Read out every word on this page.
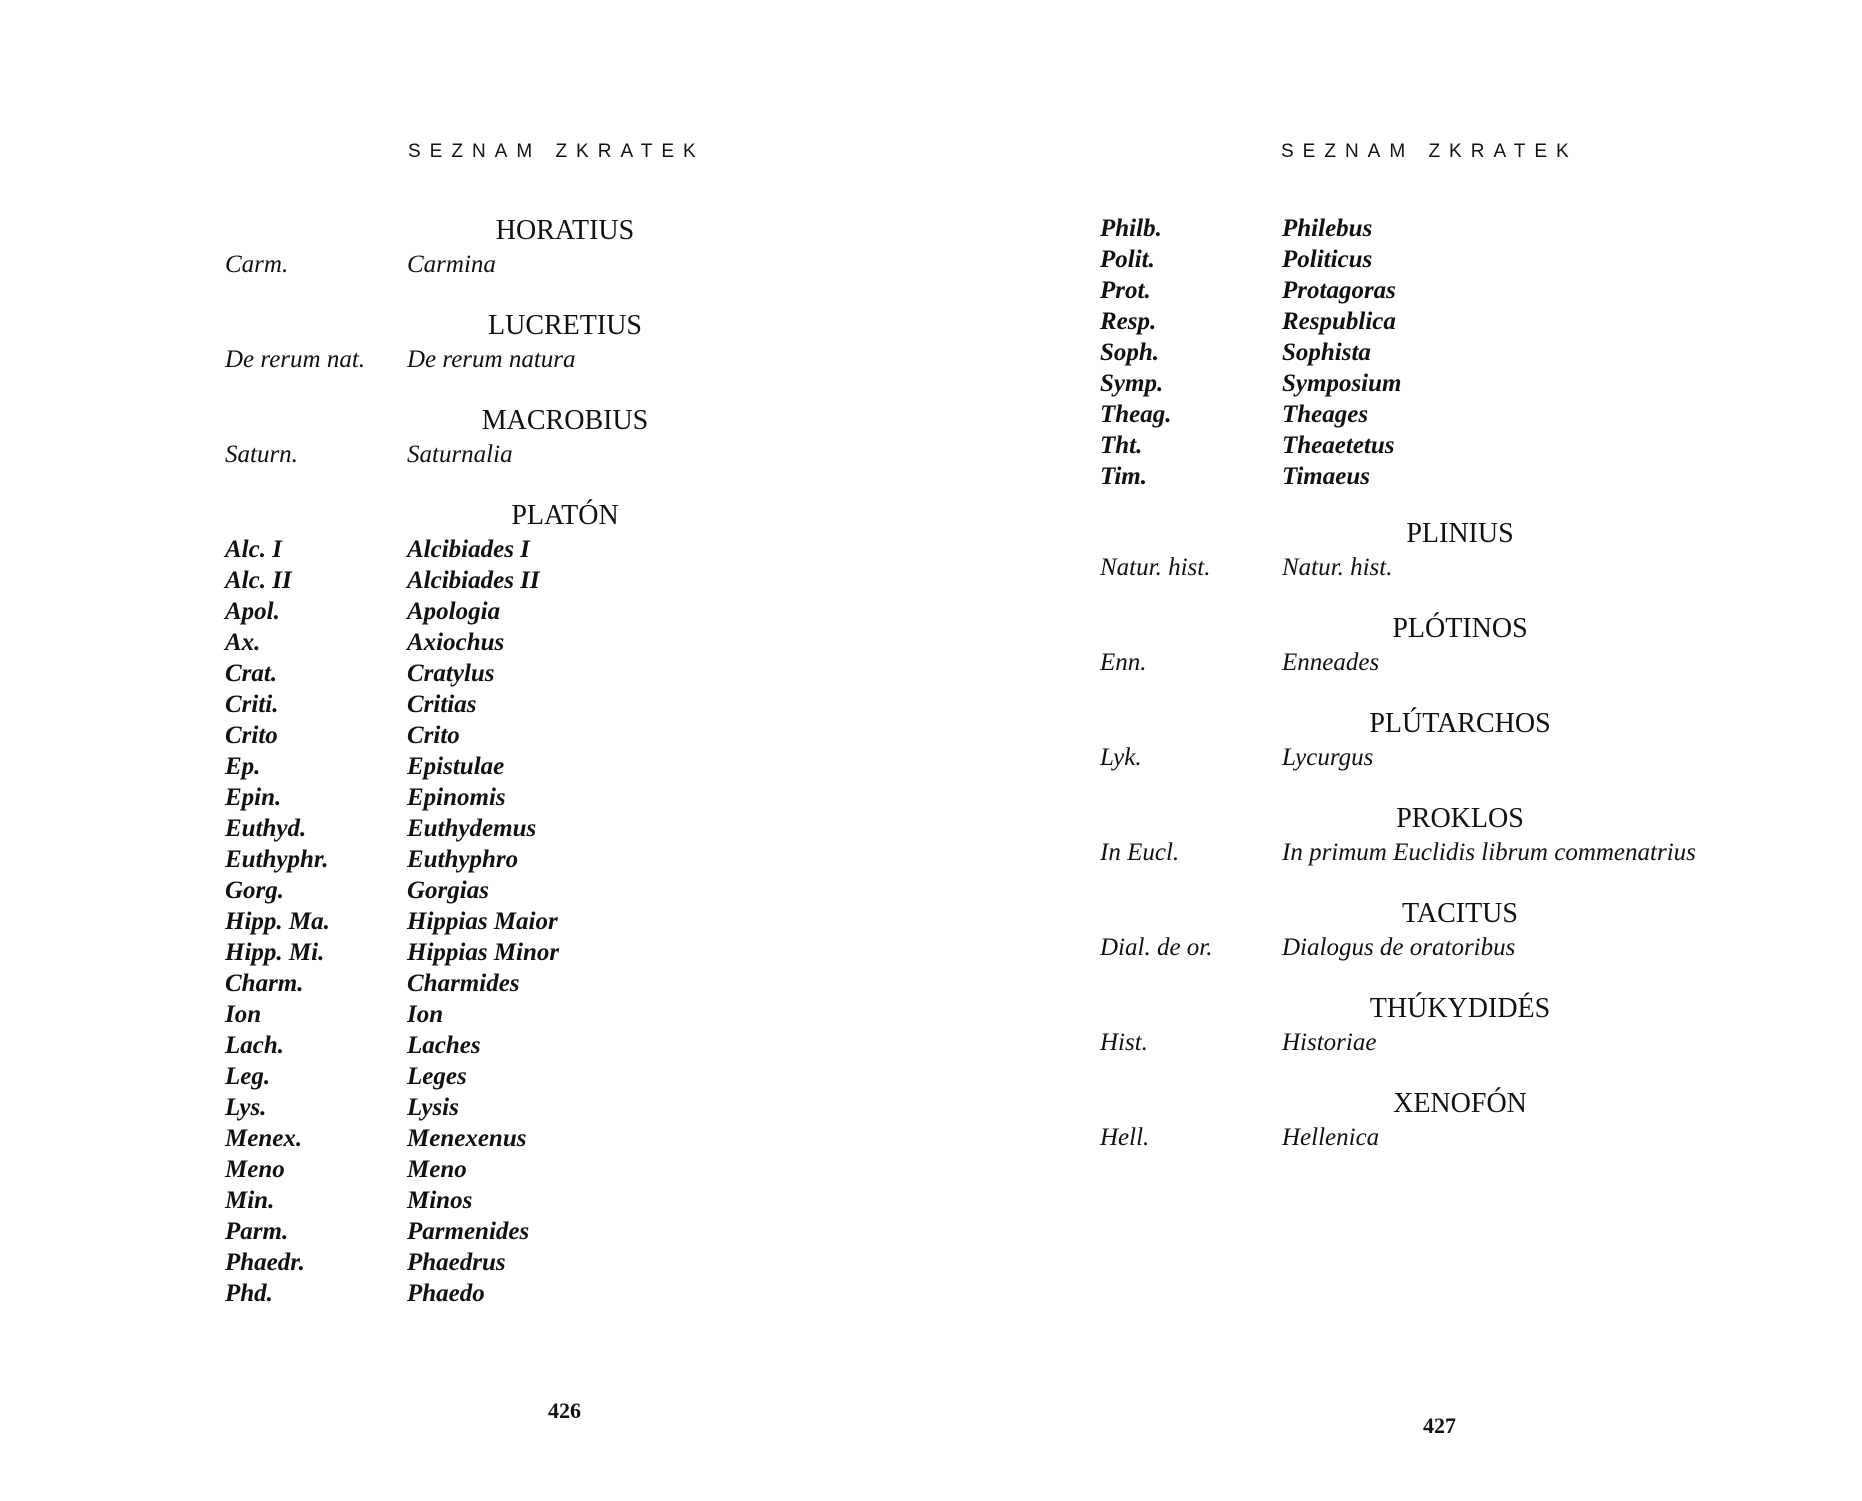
SEZNAM ZKRATEK
HORATIUS
Carm.	Carmina
LUCRETIUS
De rerum nat.	De rerum natura
MACROBIUS
Saturn.	Saturnalia
PLATÓN
Alc. I	Alcibiades I
Alc. II	Alcibiades II
Apol.	Apologia
Ax.	Axiochus
Crat.	Cratylus
Criti.	Critias
Crito	Crito
Ep.	Epistulae
Epin.	Epinomis
Euthyd.	Euthydemus
Euthyphr.	Euthyphro
Gorg.	Gorgias
Hipp. Ma.	Hippias Maior
Hipp. Mi.	Hippias Minor
Charm.	Charmides
Ion	Ion
Lach.	Laches
Leg.	Leges
Lys.	Lysis
Menex.	Menexenus
Meno	Meno
Min.	Minos
Parm.	Parmenides
Phaedr.	Phaedrus
Phd.	Phaedo
426
SEZNAM ZKRATEK
Philb.	Philebus
Polit.	Politicus
Prot.	Protagoras
Resp.	Respublica
Soph.	Sophista
Symp.	Symposium
Theag.	Theages
Tht.	Theaetetus
Tim.	Timaeus
PLINIUS
Natur. hist.	Natur. hist.
PLÓTINOS
Enn.	Enneades
PLÚTARCHOS
Lyk.	Lycurgus
PROKLOS
In Eucl.	In primum Euclidis librum commenatrius
TACITUS
Dial. de or.	Dialogus de oratoribus
THÚKYDIDÉS
Hist.	Historiae
XENOFÓN
Hell.	Hellenica
427
